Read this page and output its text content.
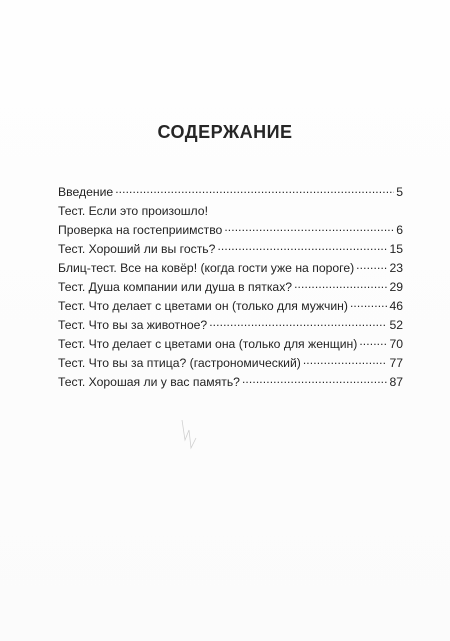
СОДЕРЖАНИЕ
Введение . . .	5
Тест. Если это произошло!
Проверка на гостеприимство . . .	6
Тест. Хороший ли вы гость? . . .	15
Блиц-тест. Все на ковёр! (когда гости уже на пороге) . . .	23
Тест. Душа компании или душа в пятках? . . .	29
Тест. Что делает с цветами он (только для мужчин) . . .	46
Тест. Что вы за животное? . . .	52
Тест. Что делает с цветами она (только для женщин) . . .	70
Тест. Что вы за птица? (гастрономический) . . .	77
Тест. Хорошая ли у вас память? . . .	87
